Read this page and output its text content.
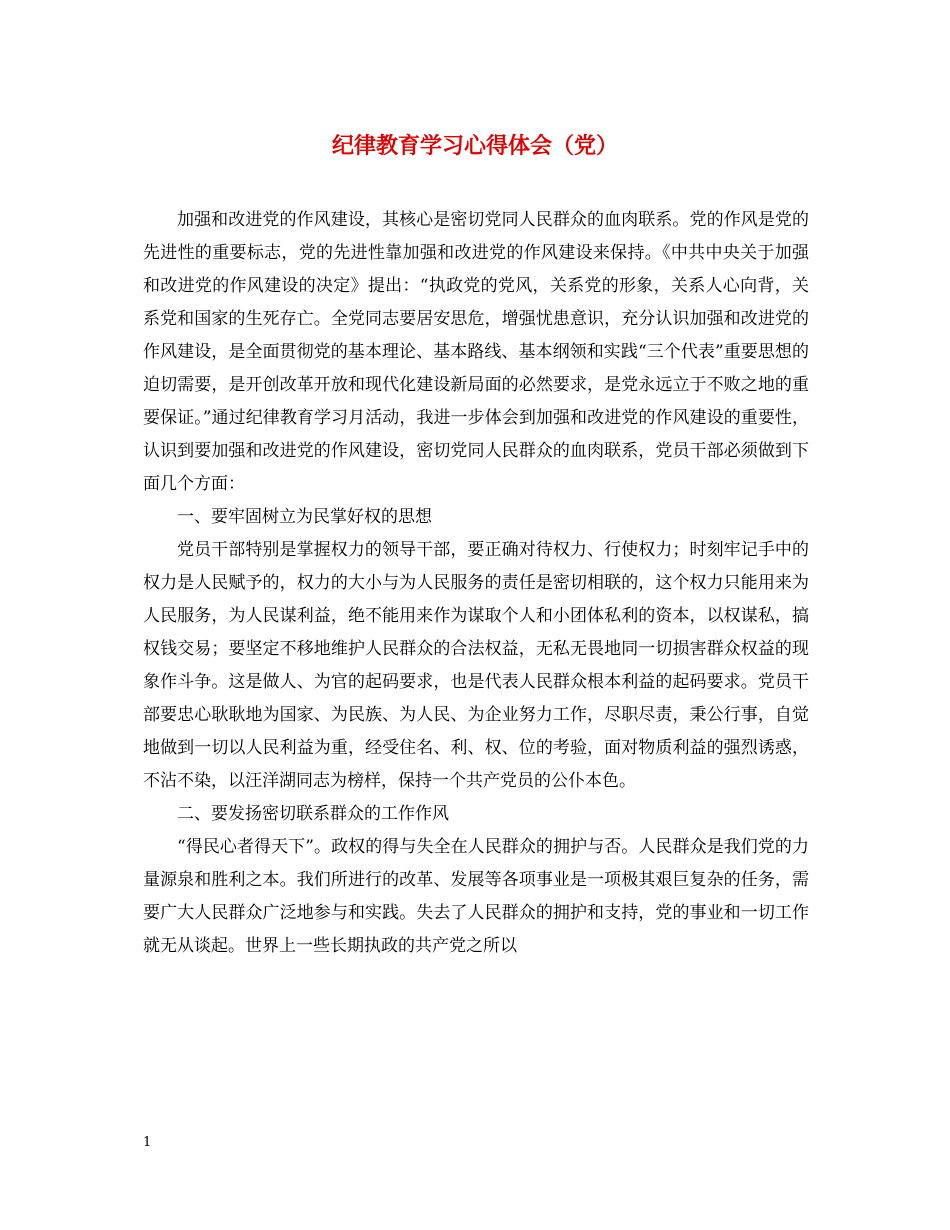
纪律教育学习心得体会（党）

加强和改进党的作风建设，其核心是密切党同人民群众的血肉联系。党的作风是党的先进性的重要标志，党的先进性靠加强和改进党的作风建设来保持。《中共中央关于加强和改进党的作风建设的决定》提出：“执政党的党风，关系党的形象，关系人心向背，关系党和国家的生死存亡。全党同志要居安思危，增强忧患意识，充分认识加强和改进党的作风建设，是全面贯彻党的基本理论、基本路线、基本纲领和实践“三个代表”重要思想的迫切需要，是开创改革开放和现代化建设新局面的必然要求，是党永远立于不败之地的重要保证。”通过纪律教育学习月活动，我进一步体会到加强和改进党的作风建设的重要性，认识到要加强和改进党的作风建设，密切党同人民群众的血肉联系，党员干部必须做到下面几个方面：

一、要牢固树立为民掌好权的思想

党员干部特别是掌握权力的领导干部，要正确对待权力、行使权力；时刻牢记手中的权力是人民赋予的，权力的大小与为人民服务的责任是密切相联的，这个权力只能用来为人民服务，为人民谋利益，绝不能用来作为谋取个人和小团体私利的资本，以权谋私，搞权钱交易；要坚定不移地维护人民群众的合法权益，无私无畏地同一切损害群众权益的现象作斗争。这是做人、为官的起码要求，也是代表人民群众根本利益的起码要求。党员干部要忠心耿耿地为国家、为民族、为人民、为企业努力工作，尽职尽责，秉公行事，自觉地做到一切以人民利益为重，经受住名、利、权、位的考验，面对物质利益的强烈诱惑，不沾不染，以汪洋湖同志为榜样，保持一个共产党员的公仆本色。

二、要发扬密切联系群众的工作作风

“得民心者得天下”。政权的得与失全在人民群众的拥护与否。人民群众是我们党的力量源泉和胜利之本。我们所进行的改革、发展等各项事业是一项极其艰巨复杂的任务，需要广大人民群众广泛地参与和实践。失去了人民群众的拥护和支持，党的事业和一切工作就无从谈起。世界上一些长期执政的共产党之所以

1
